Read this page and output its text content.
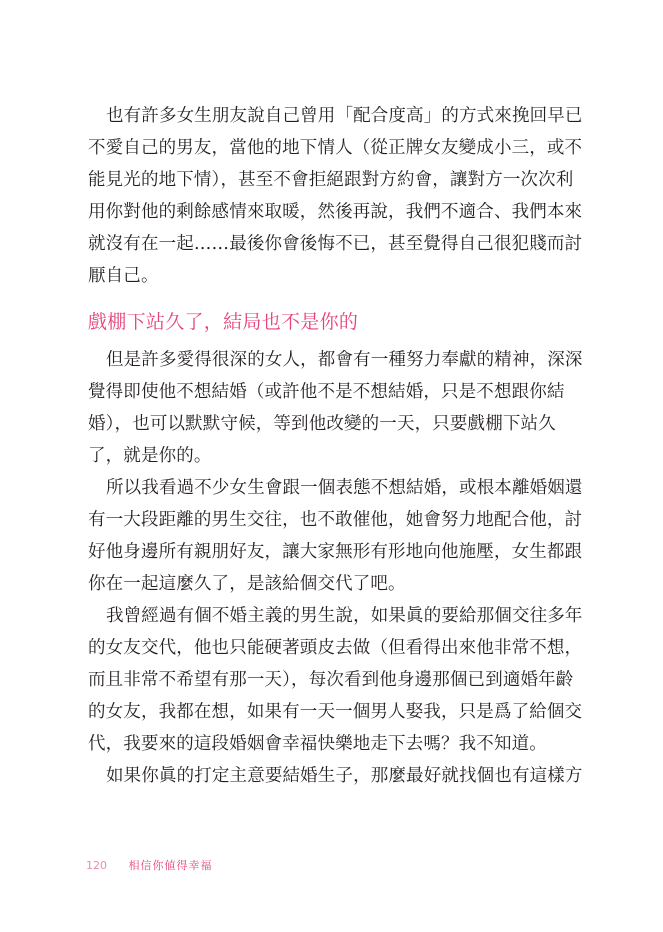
也有許多女生朋友說自己曾用「配合度高」的方式來挽回早已
不愛自己的男友，當他的地下情人（從正牌女友變成小三，或不
能見光的地下情），甚至不會拒絕跟對方約會，讓對方一次次利
用你對他的剩餘感情來取暖，然後再說，我們不適合、我們本來
就沒有在一起……最後你會後悔不已，甚至覺得自己很犯賤而討
厭自己。
戲棚下站久了，結局也不是你的
但是許多愛得很深的女人，都會有一種努力奉獻的精神，深深
覺得即使他不想結婚（或許他不是不想結婚，只是不想跟你結
婚），也可以默默守候，等到他改變的一天，只要戲棚下站久
了，就是你的。
所以我看過不少女生會跟一個表態不想結婚，或根本離婚姻還
有一大段距離的男生交往，也不敢催他，她會努力地配合他，討
好他身邊所有親朋好友，讓大家無形有形地向他施壓，女生都跟
你在一起這麼久了，是該給個交代了吧。
我曾經過有個不婚主義的男生說，如果眞的要給那個交往多年
的女友交代，他也只能硬著頭皮去做（但看得出來他非常不想，
而且非常不希望有那一天），每次看到他身邊那個已到適婚年齡
的女友，我都在想，如果有一天一個男人娶我，只是爲了給個交
代，我要來的這段婚姻會幸福快樂地走下去嗎？我不知道。
如果你眞的打定主意要結婚生子，那麼最好就找個也有這樣方
120 相信你値得幸福
